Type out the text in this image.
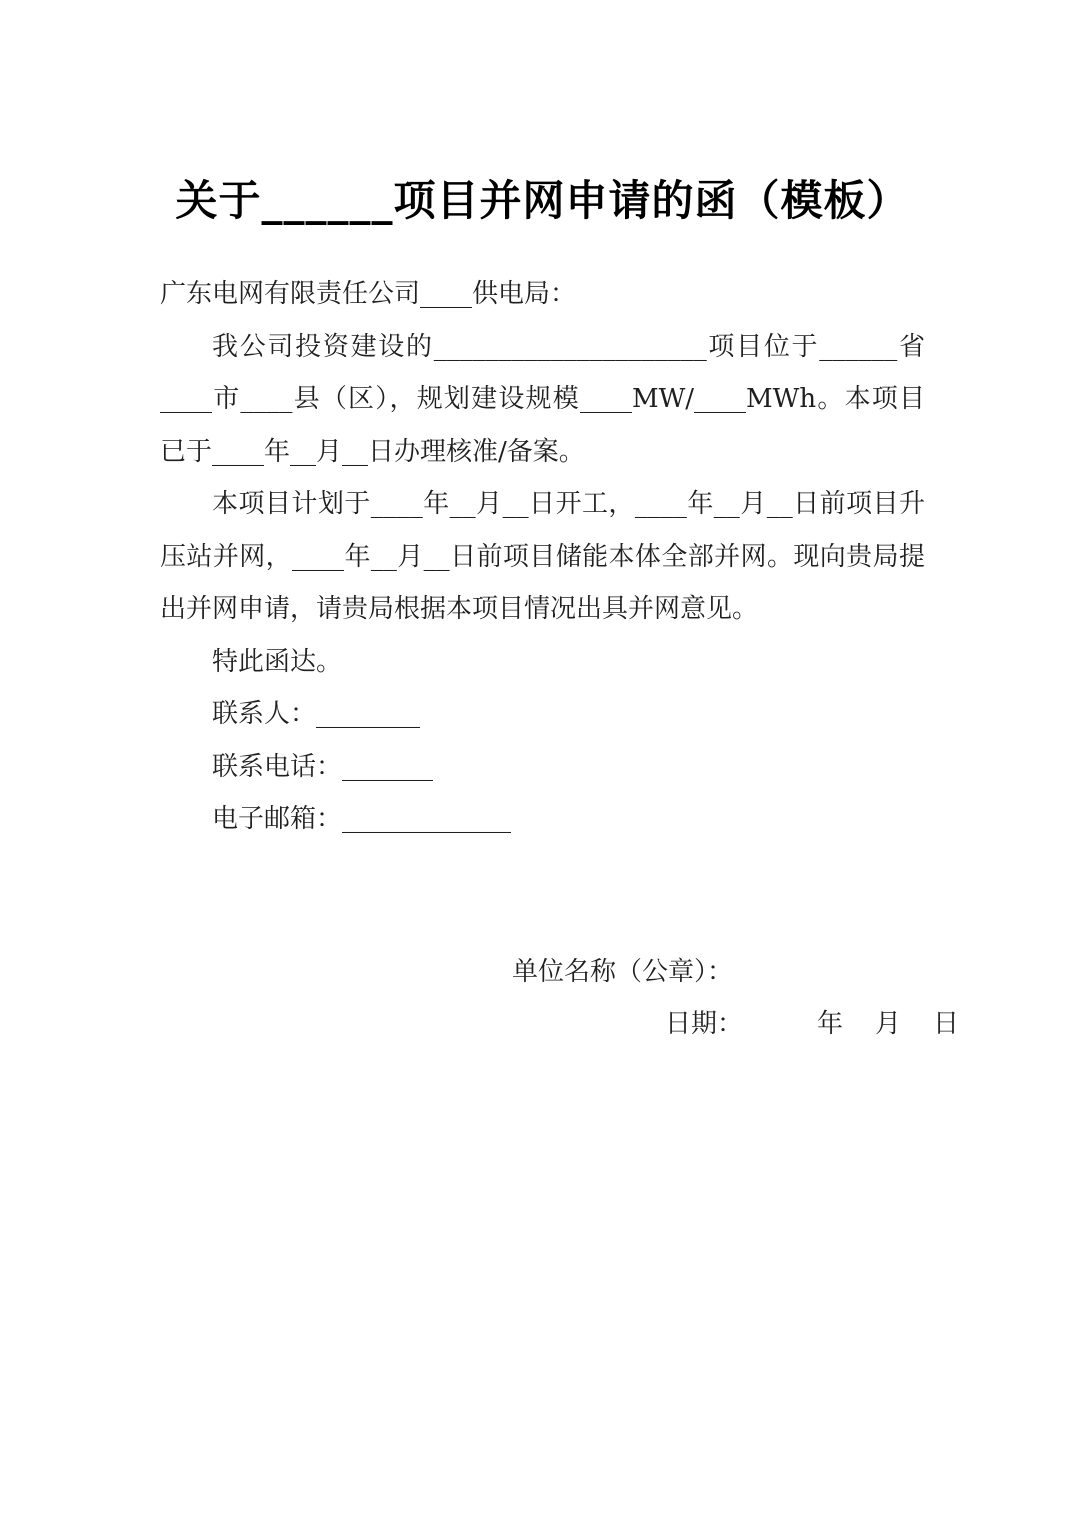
关于______项目并网申请的函（模板）

广东电网有限责任公司____供电局：

我公司投资建设的_____________________项目位于______省____市____县（区），规划建设规模____MW/____MWh。本项目已于____年__月__日办理核准/备案。

本项目计划于____年__月__日开工，____年__月__日前项目升压站并网，____年__月__日前项目储能本体全部并网。现向贵局提出并网申请，请贵局根据本项目情况出具并网意见。

特此函达。

联系人：________

联系电话：_______

电子邮箱：_____________

单位名称（公章）：

日期：	年 月 日
